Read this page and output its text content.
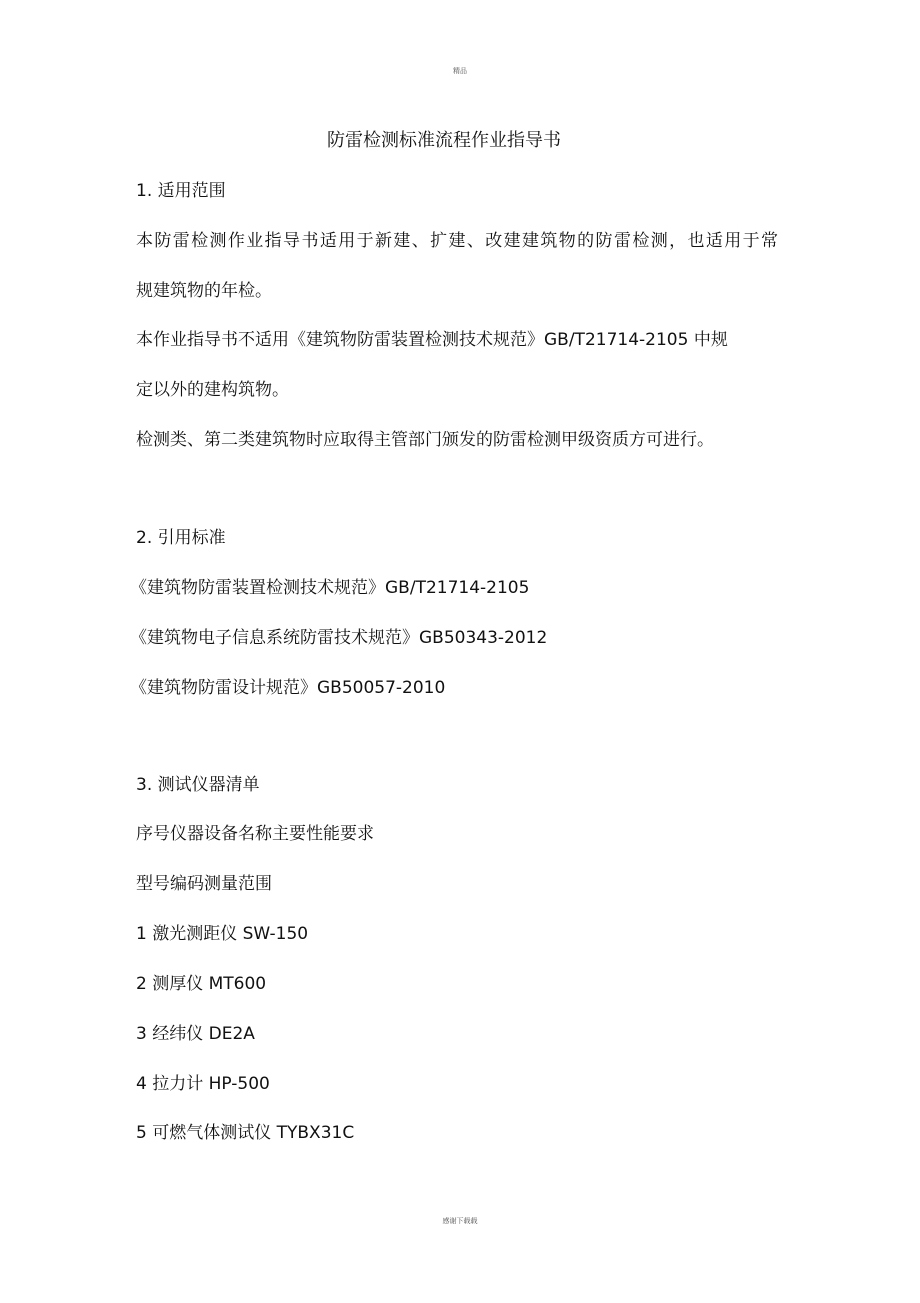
精品
防雷检测标准流程作业指导书
1. 适用范围
本防雷检测作业指导书适用于新建、扩建、改建建筑物的防雷检测，也适用于常
规建筑物的年检。
本作业指导书不适用《建筑物防雷装置检测技术规范》GB/T21714-2105 中规
定以外的建构筑物。
检测类、第二类建筑物时应取得主管部门颁发的防雷检测甲级资质方可进行。
2. 引用标准
《建筑物防雷装置检测技术规范》GB/T21714-2105
《建筑物电子信息系统防雷技术规范》GB50343-2012
《建筑物防雷设计规范》GB50057-2010
3. 测试仪器清单
序号仪器设备名称主要性能要求
型号编码测量范围
1 激光测距仪 SW-150
2 测厚仪 MT600
3 经纬仪 DE2A
4 拉力计 HP-500
5 可燃气体测试仪 TYBX31C
感谢下载载
